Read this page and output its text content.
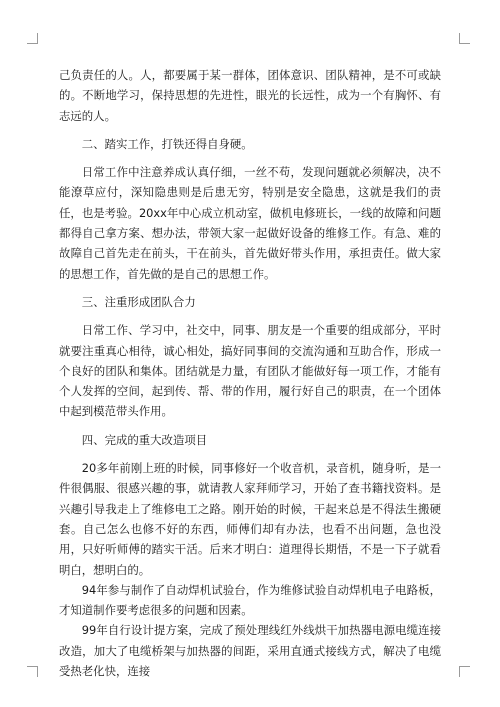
己负责任的人。人，都要属于某一群体，团体意识、团队精神，是不可或缺的。不断地学习，保持思想的先进性，眼光的长远性，成为一个有胸怀、有志远的人。

二、踏实工作，打铁还得自身硬。

日常工作中注意养成认真仔细，一丝不苟，发现问题就必须解决，决不能潦草应付，深知隐患则是后患无穷，特别是安全隐患，这就是我们的责任，也是考验。20xx年中心成立机动室，做机电修班长，一线的故障和问题都得自己拿方案、想办法，带领大家一起做好设备的维修工作。有急、难的故障自己首先走在前头，干在前头，首先做好带头作用，承担责任。做大家的思想工作，首先做的是自己的思想工作。

三、注重形成团队合力

日常工作、学习中，社交中，同事、朋友是一个重要的组成部分，平时就要注重真心相待，诚心相处，搞好同事间的交流沟通和互助合作，形成一个良好的团队和集体。团结就是力量，有团队才能做好每一项工作，才能有个人发挥的空间，起到传、帮、带的作用，履行好自己的职责，在一个团体中起到模范带头作用。

四、完成的重大改造项目

20多年前刚上班的时候，同事修好一个收音机，录音机，随身听，是一件很偶服、很感兴趣的事，就请教人家拜师学习，开始了查书籍找资料。是兴趣引导我走上了维修电工之路。刚开始的时候，干起来总是不得法生搬硬套。自己怎么也修不好的东西，师傅们却有办法，也看不出问题，急也没用，只好听师傅的踏实干活。后来才明白：道理得长期悟，不是一下子就看明白，想明白的。

94年参与制作了自动焊机试验台，作为维修试验自动焊机电子电路板，才知道制作要考虑很多的问题和因素。

99年自行设计提方案，完成了预处理线红外线烘干加热器电源电缆连接改造，加大了电缆桥架与加热器的间距，采用直通式接线方式，解决了电缆受热老化快，连接
